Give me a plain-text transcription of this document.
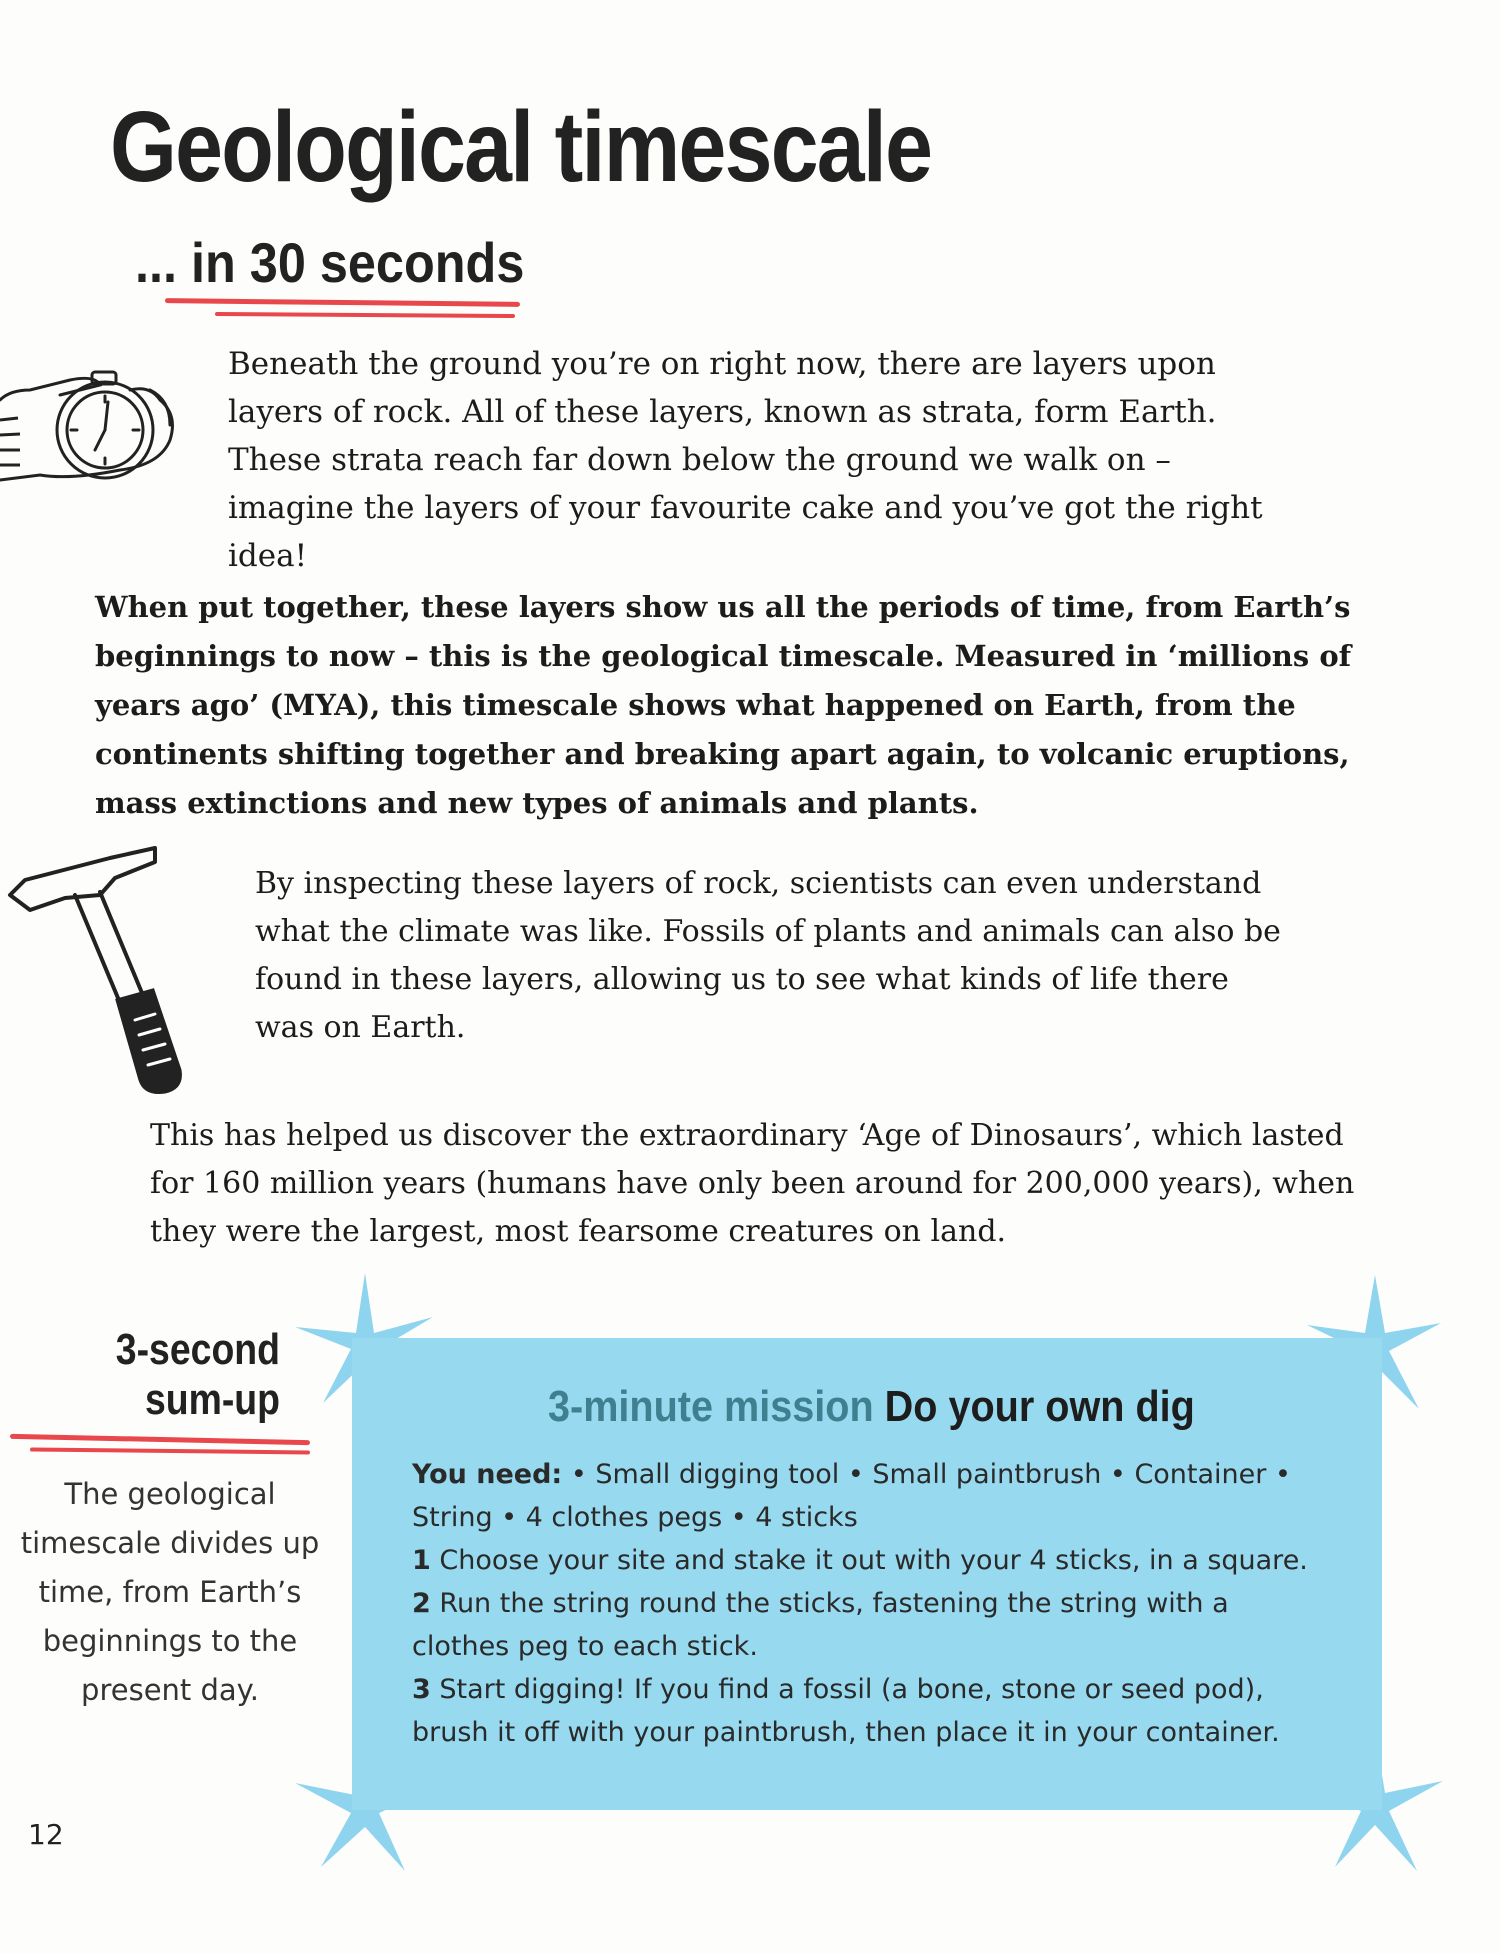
Geological timescale
... in 30 seconds

Beneath the ground you’re on right now, there are layers upon layers of rock. All of these layers, known as strata, form Earth. These strata reach far down below the ground we walk on – imagine the layers of your favourite cake and you’ve got the right idea!

When put together, these layers show us all the periods of time, from Earth’s beginnings to now – this is the geological timescale. Measured in ‘millions of years ago’ (MYA), this timescale shows what happened on Earth, from the continents shifting together and breaking apart again, to volcanic eruptions, mass extinctions and new types of animals and plants.

By inspecting these layers of rock, scientists can even understand what the climate was like. Fossils of plants and animals can also be found in these layers, allowing us to see what kinds of life there was on Earth.

This has helped us discover the extraordinary ‘Age of Dinosaurs’, which lasted for 160 million years (humans have only been around for 200,000 years), when they were the largest, most fearsome creatures on land.

3-second sum-up
The geological timescale divides up time, from Earth’s beginnings to the present day.
3-minute mission Do your own dig
You need: • Small digging tool • Small paintbrush • Container • String • 4 clothes pegs • 4 sticks
1 Choose your site and stake it out with your 4 sticks, in a square.
2 Run the string round the sticks, fastening the string with a clothes peg to each stick.
3 Start digging! If you find a fossil (a bone, stone or seed pod), brush it off with your paintbrush, then place it in your container.
12
